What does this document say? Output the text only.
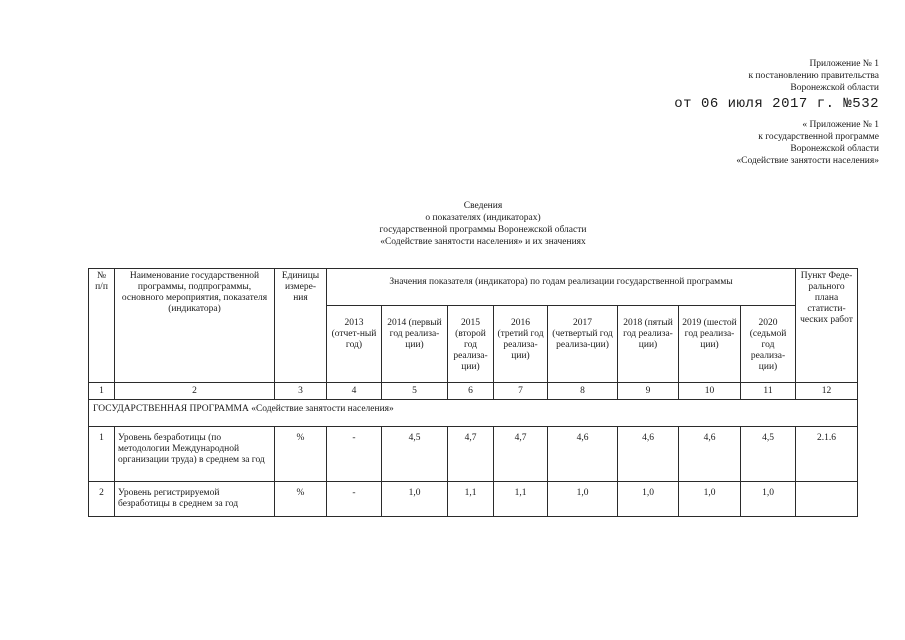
Приложение № 1
к постановлению правительства
Воронежской области
от 06 июля 2017 г. №532
« Приложение № 1
к государственной программе
Воронежской области
«Содействие занятости населения»
Сведения
о показателях (индикаторах)
государственной программы Воронежской области
«Содействие занятости населения» и их значениях
№ п/п	Наименование государственной программы, подпрограммы, основного мероприятия, показателя (индикатора)	Единицы измере-ния	Значения показателя (индикатора) по годам реализации государственной программы								Пункт Феде-рального плана статисти-ческих работ
			2013 (отчет-ный год)	2014 (первый год реализа-ции)	2015 (второй год реализа-ции)	2016 (третий год реализа-ции)	2017 (четвертый год реализа-ции)	2018 (пятый год реализа-ции)	2019 (шестой год реализа-ции)	2020 (седьмой год реализа-ции)	
1	2	3	4	5	6	7	8	9	10	11	12
ГОСУДАРСТВЕННАЯ ПРОГРАММА «Содействие занятости населения»											
1	Уровень безработицы (по методологии Международной организации труда) в среднем за год	%	-	4,5	4,7	4,7	4,6	4,6	4,6	4,5	2.1.6
2	Уровень регистрируемой безработицы в среднем за год	%	-	1,0	1,1	1,1	1,0	1,0	1,0	1,0	
